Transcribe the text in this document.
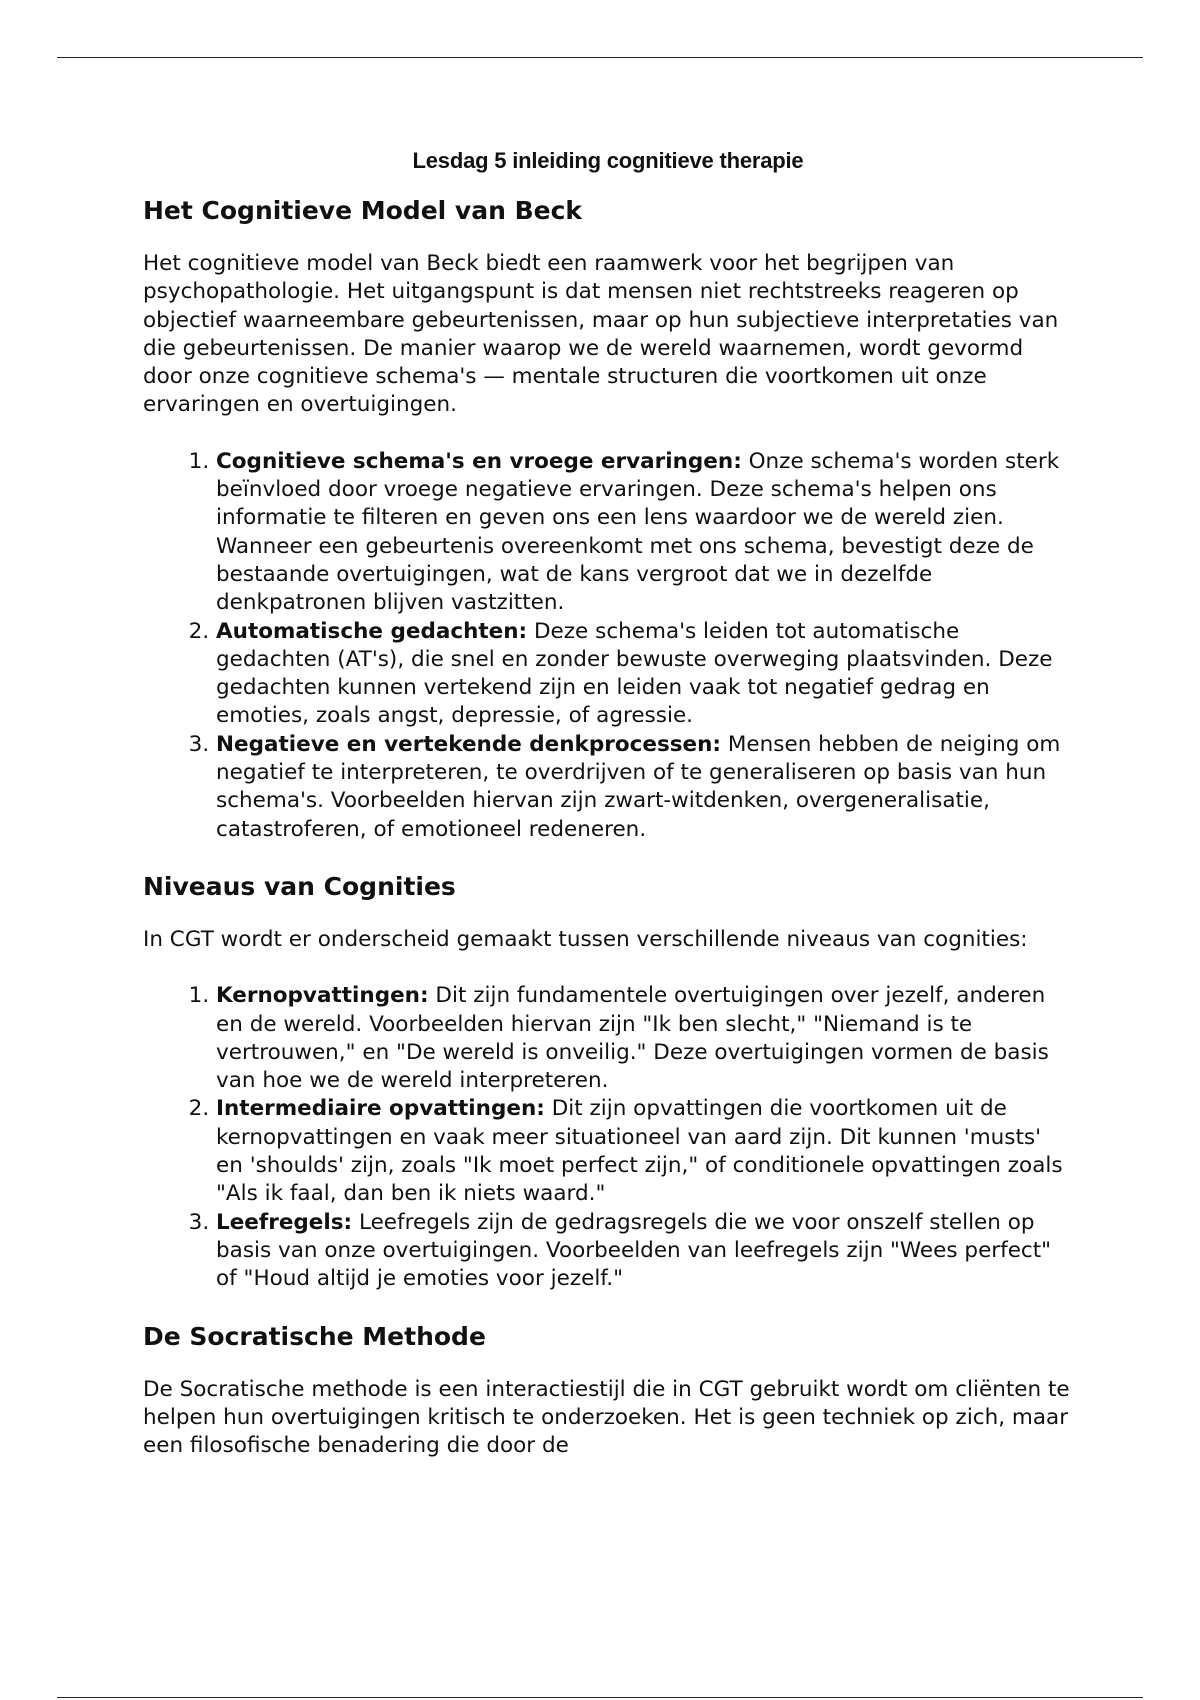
Lesdag 5 inleiding cognitieve therapie
Het Cognitieve Model van Beck

Het cognitieve model van Beck biedt een raamwerk voor het begrijpen van psychopathologie. Het uitgangspunt is dat mensen niet rechtstreeks reageren op objectief waarneembare gebeurtenissen, maar op hun subjectieve interpretaties van die gebeurtenissen. De manier waarop we de wereld waarnemen, wordt gevormd door onze cognitieve schema's — mentale structuren die voortkomen uit onze ervaringen en overtuigingen.

1. Cognitieve schema's en vroege ervaringen: Onze schema's worden sterk beïnvloed door vroege negatieve ervaringen. Deze schema's helpen ons informatie te filteren en geven ons een lens waardoor we de wereld zien. Wanneer een gebeurtenis overeenkomt met ons schema, bevestigt deze de bestaande overtuigingen, wat de kans vergroot dat we in dezelfde denkpatronen blijven vastzitten.
2. Automatische gedachten: Deze schema's leiden tot automatische gedachten (AT's), die snel en zonder bewuste overweging plaatsvinden. Deze gedachten kunnen vertekend zijn en leiden vaak tot negatief gedrag en emoties, zoals angst, depressie, of agressie.
3. Negatieve en vertekende denkprocessen: Mensen hebben de neiging om negatief te interpreteren, te overdrijven of te generaliseren op basis van hun schema's. Voorbeelden hiervan zijn zwart-witdenken, overgeneralisatie, catastroferen, of emotioneel redeneren.
Niveaus van Cognities

In CGT wordt er onderscheid gemaakt tussen verschillende niveaus van cognities:

1. Kernopvattingen: Dit zijn fundamentele overtuigingen over jezelf, anderen en de wereld. Voorbeelden hiervan zijn "Ik ben slecht," "Niemand is te vertrouwen," en "De wereld is onveilig." Deze overtuigingen vormen de basis van hoe we de wereld interpreteren.
2. Intermediaire opvattingen: Dit zijn opvattingen die voortkomen uit de kernopvattingen en vaak meer situationeel van aard zijn. Dit kunnen 'musts' en 'shoulds' zijn, zoals "Ik moet perfect zijn," of conditionele opvattingen zoals "Als ik faal, dan ben ik niets waard."
3. Leefregels: Leefregels zijn de gedragsregels die we voor onszelf stellen op basis van onze overtuigingen. Voorbeelden van leefregels zijn "Wees perfect" of "Houd altijd je emoties voor jezelf."
De Socratische Methode

De Socratische methode is een interactiestijl die in CGT gebruikt wordt om cliënten te helpen hun overtuigingen kritisch te onderzoeken. Het is geen techniek op zich, maar een filosofische benadering die door de
